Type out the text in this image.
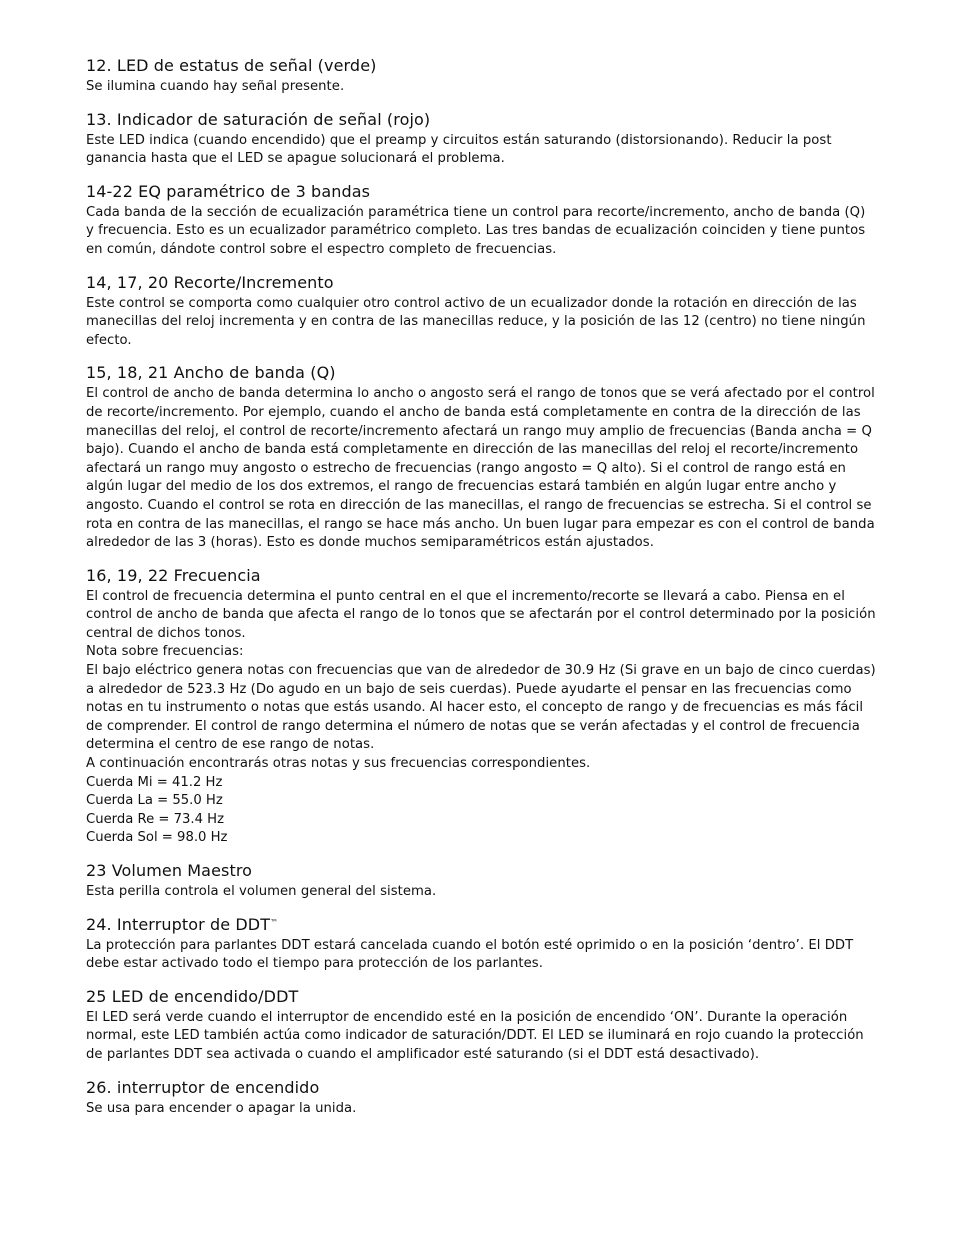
12. LED de estatus de señal (verde)

Se ilumina cuando hay señal presente.

13. Indicador de saturación de señal (rojo)

Este LED indica (cuando encendido) que el preamp y circuitos están saturando (distorsionando). Reducir la post ganancia hasta que el LED se apague solucionará el problema.

14-22 EQ paramétrico de 3 bandas

Cada banda de la sección de ecualización paramétrica tiene un control para recorte/incremento, ancho de banda (Q) y frecuencia. Esto es un ecualizador paramétrico completo. Las tres bandas de ecualización coinciden y tiene puntos en común, dándote control sobre el espectro completo de frecuencias.

14, 17, 20 Recorte/Incremento

Este control se comporta como cualquier otro control activo de un ecualizador donde la rotación en dirección de las manecillas del reloj incrementa y en contra de las manecillas reduce, y la posición de las 12 (centro) no tiene ningún efecto.

15, 18, 21 Ancho de banda (Q)

El control de ancho de banda determina lo ancho o angosto será el rango de tonos que se verá afectado por el control de recorte/incremento. Por ejemplo, cuando el ancho de banda está completamente en contra de la dirección de las manecillas del reloj, el control de recorte/incremento afectará un rango muy amplio de frecuencias (Banda ancha = Q bajo). Cuando el ancho de banda está completamente en dirección de las manecillas del reloj el recorte/incremento afectará un rango muy angosto o estrecho de frecuencias (rango angosto = Q alto). Si el control de rango está en algún lugar del medio de los dos extremos, el rango de frecuencias estará también en algún lugar entre ancho y angosto. Cuando el control se rota en dirección de las manecillas, el rango de frecuencias se estrecha. Si el control se rota en contra de las manecillas, el rango se hace más ancho. Un buen lugar para empezar es con el control de banda alrededor de las 3 (horas). Esto es donde muchos semiparamétricos están ajustados.

16, 19, 22 Frecuencia

El control de frecuencia determina el punto central en el que el incremento/recorte se llevará a cabo. Piensa en el control de ancho de banda que afecta el rango de lo tonos que se afectarán por el control determinado por la posición central de dichos tonos.

Nota sobre frecuencias:

El bajo eléctrico genera notas con frecuencias que van de alrededor de 30.9 Hz (Si grave en un bajo de cinco cuerdas) a alrededor de 523.3 Hz (Do agudo en un bajo de seis cuerdas). Puede ayudarte el pensar en las frecuencias como notas en tu instrumento o notas que estás usando. Al hacer esto, el concepto de rango y de frecuencias es más fácil de comprender. El control de rango determina el número de notas que se verán afectadas y el control de frecuencia determina el centro de ese rango de notas.

A continuación encontrarás otras notas y sus frecuencias correspondientes.

Cuerda Mi = 41.2 Hz

Cuerda La = 55.0 Hz

Cuerda Re = 73.4 Hz

Cuerda Sol = 98.0 Hz

23 Volumen Maestro

Esta perilla controla el volumen general del sistema.

24. Interruptor de DDT™

La protección para parlantes DDT estará cancelada cuando el botón esté oprimido o en la posición ‘dentro’. El DDT debe estar activado todo el tiempo para protección de los parlantes.

25 LED de encendido/DDT

El LED será verde cuando el interruptor de encendido esté en la posición de encendido ‘ON’. Durante la operación normal, este LED también actúa como indicador de saturación/DDT. El LED se iluminará en rojo cuando la protección de parlantes DDT sea activada o cuando el amplificador esté saturando (si el DDT está desactivado).

26. interruptor de encendido

Se usa para encender o apagar la unida.
